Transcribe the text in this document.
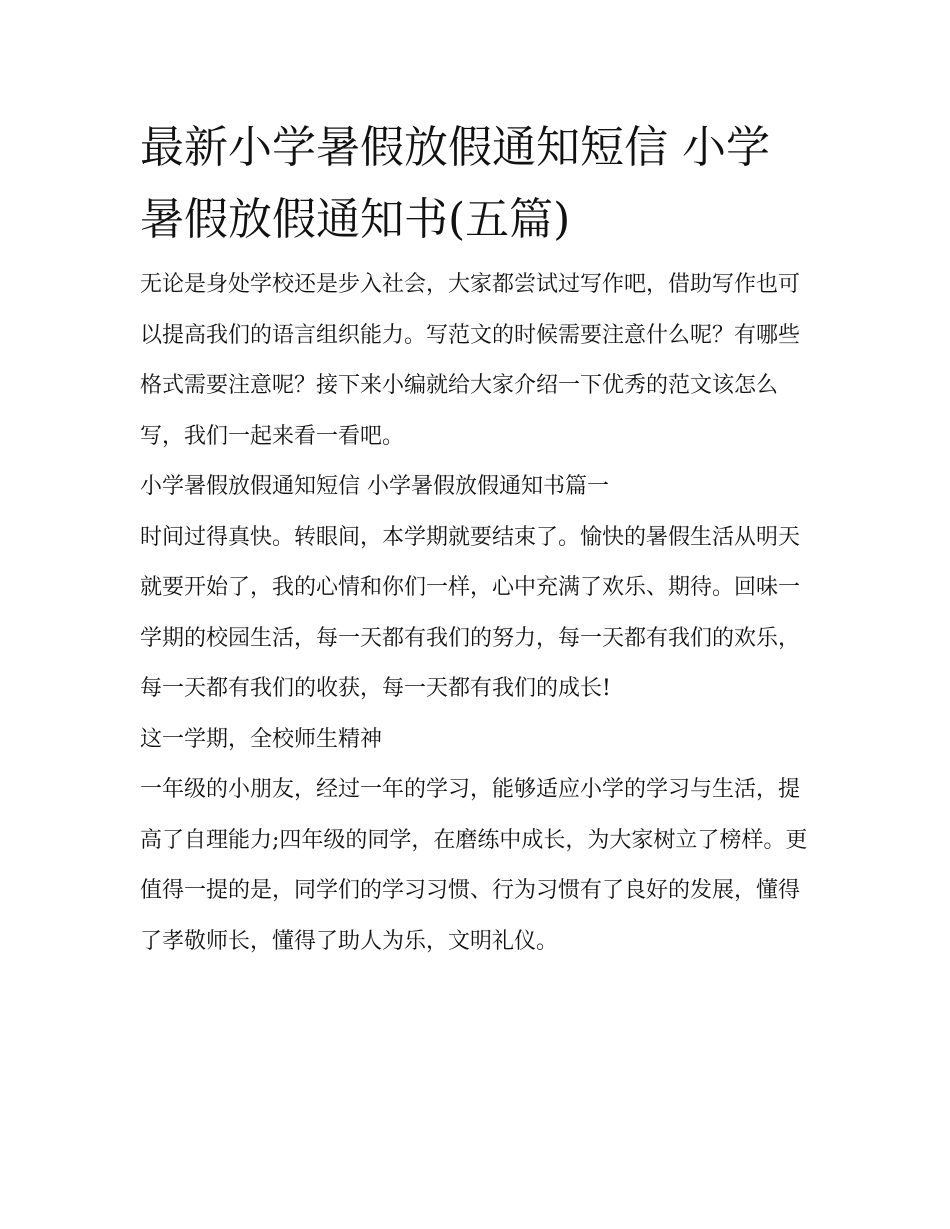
最新小学暑假放假通知短信 小学暑假放假通知书(五篇)

无论是身处学校还是步入社会，大家都尝试过写作吧，借助写作也可以提高我们的语言组织能力。写范文的时候需要注意什么呢？有哪些格式需要注意呢？接下来小编就给大家介绍一下优秀的范文该怎么写，我们一起来看一看吧。

小学暑假放假通知短信 小学暑假放假通知书篇一

时间过得真快。转眼间，本学期就要结束了。愉快的暑假生活从明天就要开始了，我的心情和你们一样，心中充满了欢乐、期待。回味一学期的校园生活，每一天都有我们的努力，每一天都有我们的欢乐，每一天都有我们的收获，每一天都有我们的成长!

这一学期，全校师生精神

一年级的小朋友，经过一年的学习，能够适应小学的学习与生活，提高了自理能力;四年级的同学，在磨练中成长，为大家树立了榜样。更值得一提的是，同学们的学习习惯、行为习惯有了良好的发展，懂得了孝敬师长，懂得了助人为乐，文明礼仪。
